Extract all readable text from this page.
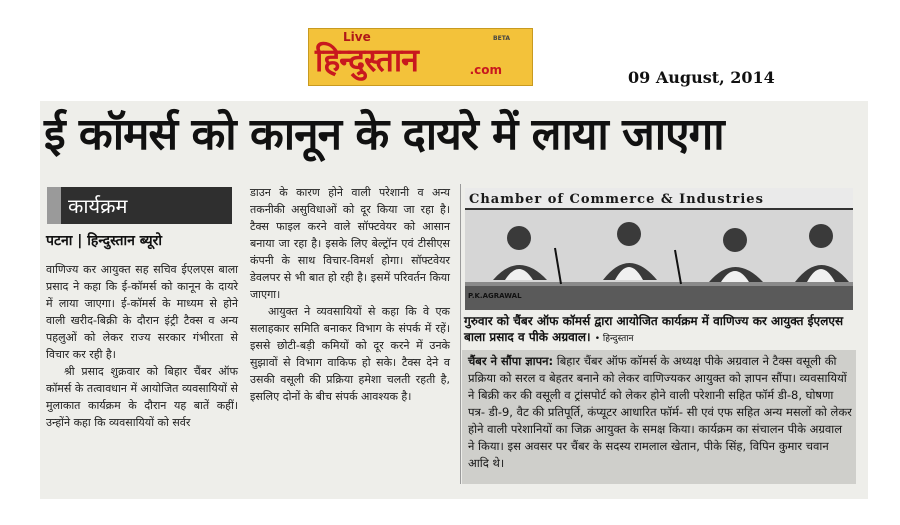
Live	BETA
हिन्दुस्तान	.com	09 August, 2014
ई कॉमर्स को कानून के दायरे में लाया जाएगा
कार्यक्रम
पटना | हिन्दुस्तान ब्यूरो

वाणिज्य कर आयुक्त सह सचिव ईएलएस बाला प्रसाद ने कहा कि ई-कॉमर्स को कानून के दायरे में लाया जाएगा। ई-कॉमर्स के माध्यम से होने वाली खरीद-बिक्री के दौरान इंट्री टैक्स व अन्य पहलुओं को लेकर राज्य सरकार गंभीरता से विचार कर रही है।

श्री प्रसाद शुक्रवार को बिहार चैंबर ऑफ कॉमर्स के तत्वावधान में आयोजित व्यवसायियों से मुलाकात कार्यक्रम के दौरान यह बातें कहीं। उन्होंने कहा कि व्यवसायियों को सर्वर

डाउन के कारण होने वाली परेशानी व अन्य तकनीकी असुविधाओं को दूर किया जा रहा है। टैक्स फाइल करने वाले सॉफ्टवेयर को आसान बनाया जा रहा है। इसके लिए बेल्ट्रॉन एवं टीसीएस कंपनी के साथ विचार-विमर्श होगा। सॉफ्टवेयर डेवलपर से भी बात हो रही है। इसमें परिवर्तन किया जाएगा।

आयुक्त ने व्यवसायियों से कहा कि वे एक सलाहकार समिति बनाकर विभाग के संपर्क में रहें। इससे छोटी-बड़ी कमियों को दूर करने में उनके सुझावों से विभाग वाकिफ हो सके। टैक्स देने व उसकी वसूली की प्रक्रिया हमेशा चलती रहती है, इसलिए दोनों के बीच संपर्क आवश्यक है।

Chamber of Commerce & Industries
P.K.AGRAWAL
गुरुवार को चैंबर ऑफ कॉमर्स द्वारा आयोजित कार्यक्रम में वाणिज्य कर आयुक्त ईएलएस बाला प्रसाद व पीके अग्रवाल। • हिन्दुस्तान
चैंबर ने सौंपा ज्ञापन: बिहार चैंबर ऑफ कॉमर्स के अध्यक्ष पीके अग्रवाल ने टैक्स वसूली की प्रक्रिया को सरल व बेहतर बनाने को लेकर वाणिज्यकर आयुक्त को ज्ञापन सौंपा। व्यवसायियों ने बिक्री कर की वसूली व ट्रांसपोर्ट को लेकर होने वाली परेशानी सहित फॉर्म डी-8, घोषणा पत्र- डी-9, वैट की प्रतिपूर्ति, कंप्यूटर आधारित फॉर्म- सी एवं एफ सहित अन्य मसलों को लेकर होने वाली परेशानियों का जिक्र आयुक्त के समक्ष किया। कार्यक्रम का संचालन पीके अग्रवाल ने किया। इस अवसर पर चैंबर के सदस्य रामलाल खेतान, पीके सिंह, विपिन कुमार चवान आदि थे।
